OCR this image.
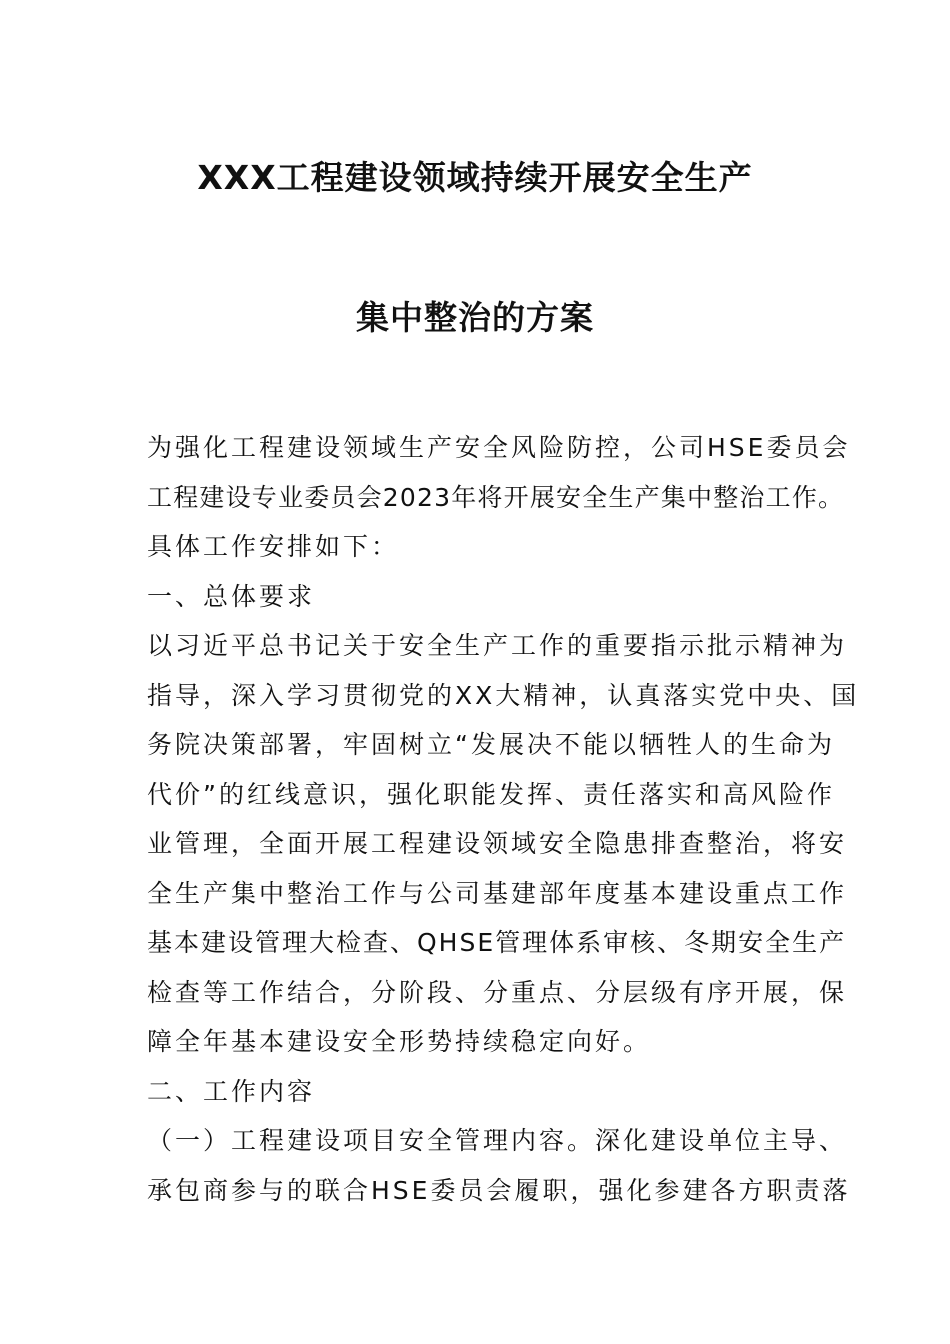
XXX工程建设领域持续开展安全生产
集中整治的方案
为强化工程建设领域生产安全风险防控，公司HSE委员会
工程建设专业委员会2023年将开展安全生产集中整治工作。
具体工作安排如下：
一、总体要求
以习近平总书记关于安全生产工作的重要指示批示精神为
指导，深入学习贯彻党的XX大精神，认真落实党中央、国
务院决策部署，牢固树立“发展决不能以牺牲人的生命为
代价”的红线意识，强化职能发挥、责任落实和高风险作
业管理，全面开展工程建设领域安全隐患排查整治，将安
全生产集中整治工作与公司基建部年度基本建设重点工作
基本建设管理大检查、QHSE管理体系审核、冬期安全生产
检查等工作结合，分阶段、分重点、分层级有序开展，保
障全年基本建设安全形势持续稳定向好。
二、工作内容
（一）工程建设项目安全管理内容。深化建设单位主导、
承包商参与的联合HSE委员会履职，强化参建各方职责落
